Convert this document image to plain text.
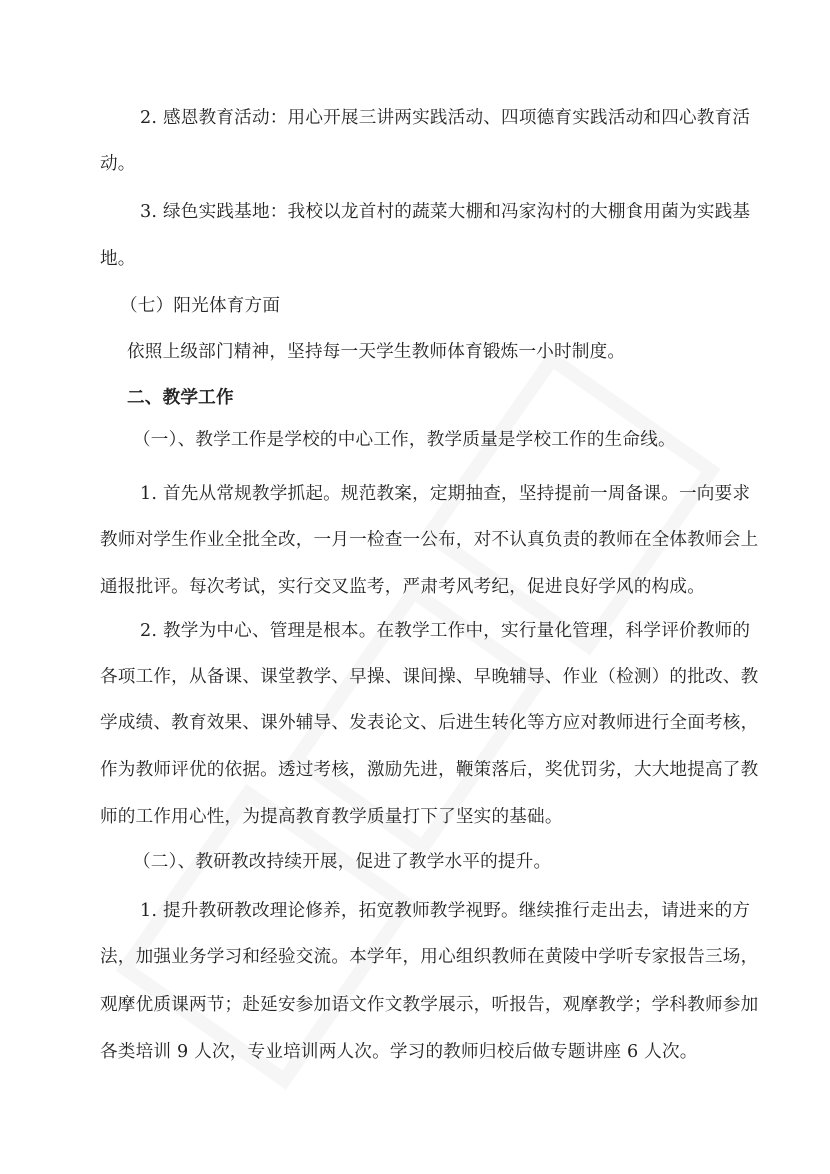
2. 感恩教育活动：用心开展三讲两实践活动、四项德育实践活动和四心教育活
动。
3. 绿色实践基地：我校以龙首村的蔬菜大棚和冯家沟村的大棚食用菌为实践基
地。
（七）阳光体育方面
依照上级部门精神，坚持每一天学生教师体育锻炼一小时制度。
二、教学工作
（一）、教学工作是学校的中心工作，教学质量是学校工作的生命线。
1. 首先从常规教学抓起。规范教案，定期抽查，坚持提前一周备课。一向要求
教师对学生作业全批全改，一月一检查一公布，对不认真负责的教师在全体教师会上
通报批评。每次考试，实行交叉监考，严肃考风考纪，促进良好学风的构成。
2. 教学为中心、管理是根本。在教学工作中，实行量化管理，科学评价教师的
各项工作，从备课、课堂教学、早操、课间操、早晚辅导、作业（检测）的批改、教
学成绩、教育效果、课外辅导、发表论文、后进生转化等方应对教师进行全面考核，
作为教师评优的依据。透过考核，激励先进，鞭策落后，奖优罚劣，大大地提高了教
师的工作用心性，为提高教育教学质量打下了坚实的基础。
（二）、教研教改持续开展，促进了教学水平的提升。
1. 提升教研教改理论修养，拓宽教师教学视野。继续推行走出去，请进来的方
法，加强业务学习和经验交流。本学年，用心组织教师在黄陵中学听专家报告三场，
观摩优质课两节；赴延安参加语文作文教学展示，听报告，观摩教学；学科教师参加
各类培训 9 人次，专业培训两人次。学习的教师归校后做专题讲座 6 人次。
